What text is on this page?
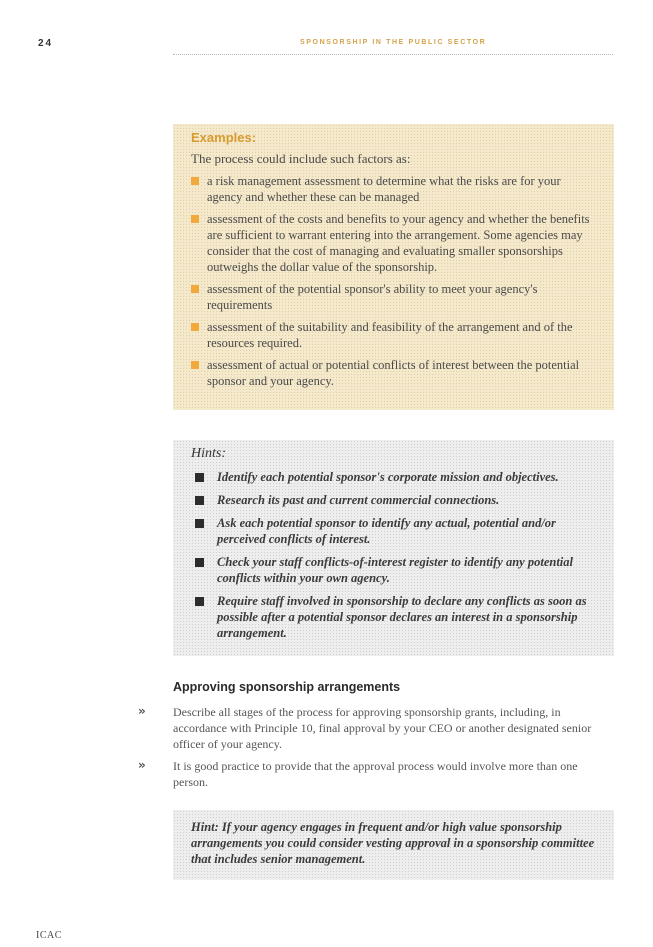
24	SPONSORSHIP IN THE PUBLIC SECTOR
Examples:

The process could include such factors as:

a risk management assessment to determine what the risks are for your agency and whether these can be managed
assessment of the costs and benefits to your agency and whether the benefits are sufficient to warrant entering into the arrangement. Some agencies may consider that the cost of managing and evaluating smaller sponsorships outweighs the dollar value of the sponsorship.
assessment of the potential sponsor's ability to meet your agency's requirements
assessment of the suitability and feasibility of the arrangement and of the resources required.
assessment of actual or potential conflicts of interest between the potential sponsor and your agency.
Hints:
Identify each potential sponsor's corporate mission and objectives.
Research its past and current commercial connections.
Ask each potential sponsor to identify any actual, potential and/or perceived conflicts of interest.
Check your staff conflicts-of-interest register to identify any potential conflicts within your own agency.
Require staff involved in sponsorship to declare any conflicts as soon as possible after a potential sponsor declares an interest in a sponsorship arrangement.
Approving sponsorship arrangements
»	Describe all stages of the process for approving sponsorship grants, including, in accordance with Principle 10, final approval by your CEO or another designated senior officer of your agency.

»	It is good practice to provide that the approval process would involve more than one person.

Hint: If your agency engages in frequent and/or high value sponsorship arrangements you could consider vesting approval in a sponsorship committee that includes senior management.

ICAC
